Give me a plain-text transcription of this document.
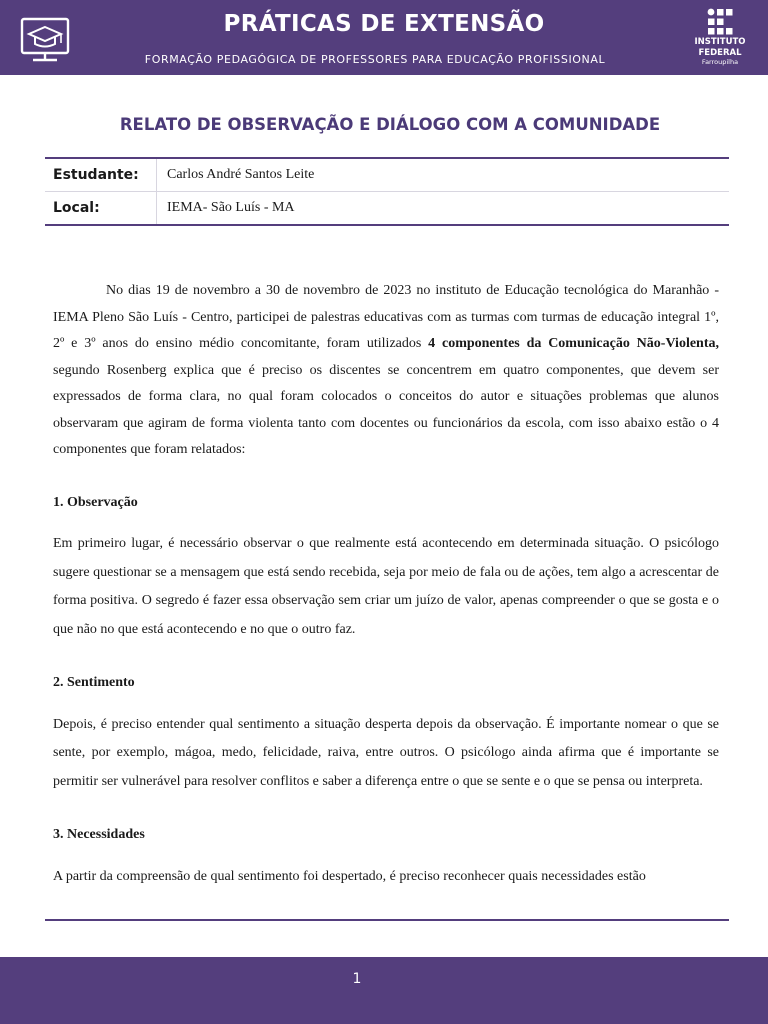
PRÁTICAS DE EXTENSÃO
FORMAÇÃO PEDAGÓGICA DE PROFESSORES PARA EDUCAÇÃO PROFISSIONAL
INSTITUTO
FEDERAL
Farroupilha
RELATO DE OBSERVAÇÃO E DIÁLOGO COM A COMUNIDADE
Estudante:	Carlos André Santos Leite
Local:	IEMA- São Luís - MA

No dias 19 de novembro a 30 de novembro de 2023 no instituto de Educação tecnológica do Maranhão - IEMA Pleno São Luís - Centro, participei de palestras educativas com as turmas com turmas de educação integral 1º, 2º e 3º anos do ensino médio concomitante, foram utilizados 4 componentes da Comunicação Não-Violenta, segundo Rosenberg explica que é preciso os discentes se concentrem em quatro componentes, que devem ser expressados de forma clara, no qual foram colocados o conceitos do autor e situações problemas que alunos observaram que agiram de forma violenta tanto com docentes ou funcionários da escola, com isso abaixo estão o 4 componentes que foram relatados:

1. Observação

Em primeiro lugar, é necessário observar o que realmente está acontecendo em determinada situação. O psicólogo sugere questionar se a mensagem que está sendo recebida, seja por meio de fala ou de ações, tem algo a acrescentar de forma positiva. O segredo é fazer essa observação sem criar um juízo de valor, apenas compreender o que se gosta e o que não no que está acontecendo e no que o outro faz.

2. Sentimento

Depois, é preciso entender qual sentimento a situação desperta depois da observação. É importante nomear o que se sente, por exemplo, mágoa, medo, felicidade, raiva, entre outros. O psicólogo ainda afirma que é importante se permitir ser vulnerável para resolver conflitos e saber a diferença entre o que se sente e o que se pensa ou interpreta.

3. Necessidades

A partir da compreensão de qual sentimento foi despertado, é preciso reconhecer quais necessidades estão

1
